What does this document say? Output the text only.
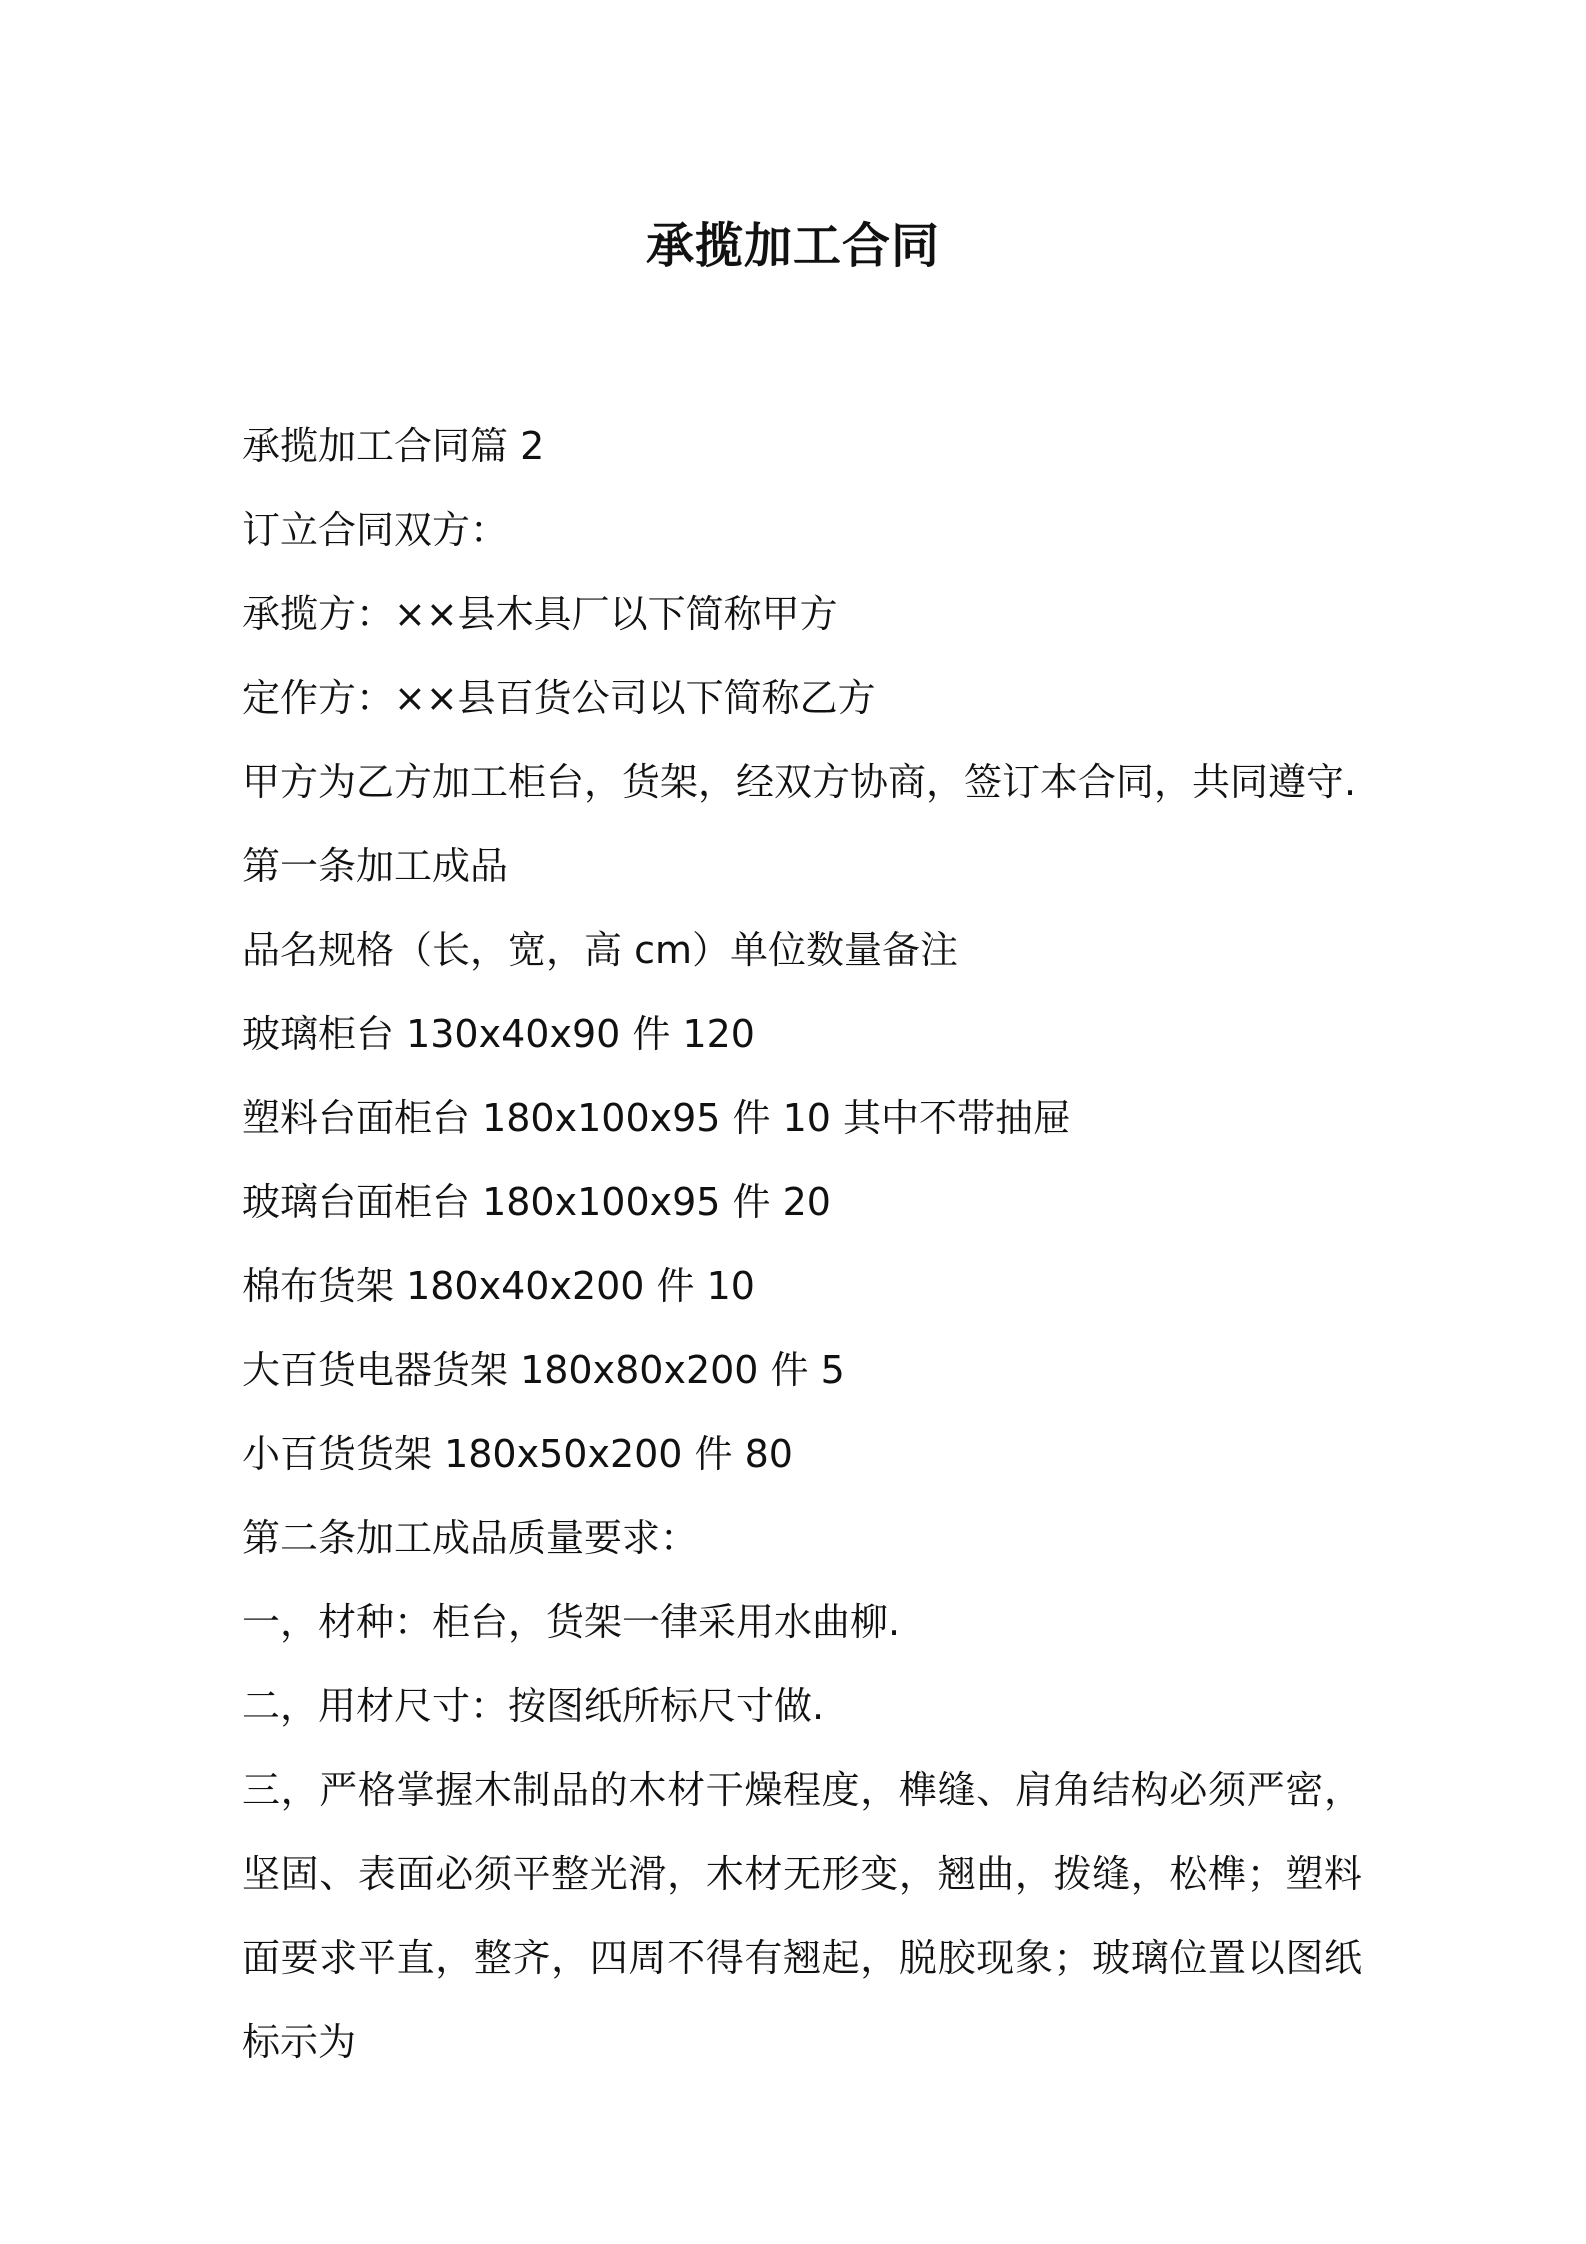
承揽加工合同
承揽加工合同篇 2
订立合同双方：
承揽方：××县木具厂以下简称甲方
定作方：××县百货公司以下简称乙方
甲方为乙方加工柜台，货架，经双方协商，签订本合同，共同遵守.
第一条加工成品
品名规格（长，宽，高 cm）单位数量备注
玻璃柜台 130x40x90 件 120
塑料台面柜台 180x100x95 件 10 其中不带抽屉
玻璃台面柜台 180x100x95 件 20
棉布货架 180x40x200 件 10
大百货电器货架 180x80x200 件 5
小百货货架 180x50x200 件 80
第二条加工成品质量要求：
一，材种：柜台，货架一律采用水曲柳.
二，用材尺寸：按图纸所标尺寸做.
三，严格掌握木制品的木材干燥程度，榫缝、肩角结构必须严密，坚固、表面必须平整光滑，木材无形变，翘曲，拨缝，松榫；塑料面要求平直，整齐，四周不得有翘起，脱胶现象；玻璃位置以图纸标示为
